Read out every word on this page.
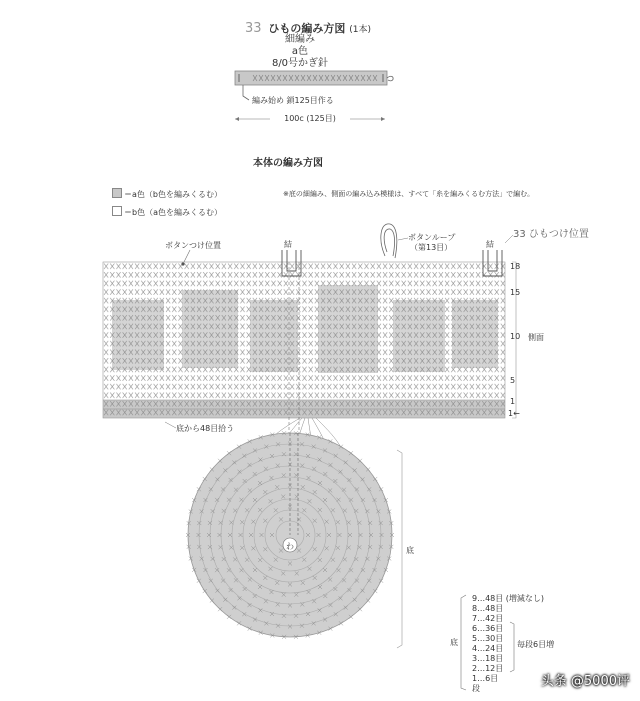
33 ひもの編み方図 (1本)
細編み
a色
8/0号かぎ針
編み始め 鎖125目作る
100c (125目)
本体の編み方図
＝a色（b色を編みくるむ）
＝b色（a色を編みくるむ）
※底の細編み、側面の編み込み模様は、すべて「糸を編みくるむ方法」で編む。
ボタンつけ位置
ボタンループ
（第13目）
33 ひもつけ位置
わ
18
15
10
5
1
1←
側面
結	結
底から48目拾う
底
9…48目 (増減なし)
8…48目
7…42目
6…36目
5…30目
4…24目
3…18目
2…12目
1…6目
毎段6目増
底
段	头条 @5000评
